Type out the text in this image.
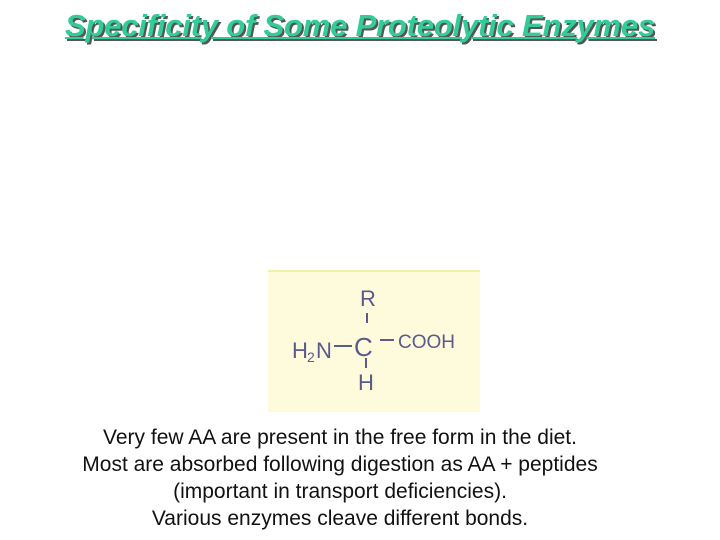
Specificity of Some Proteolytic Enzymes
R
H 2 N C COOH
H
Very few AA are present in the free form in the diet.
Most are absorbed following digestion as AA + peptides
(important in transport deficiencies).
Various enzymes cleave different bonds.
